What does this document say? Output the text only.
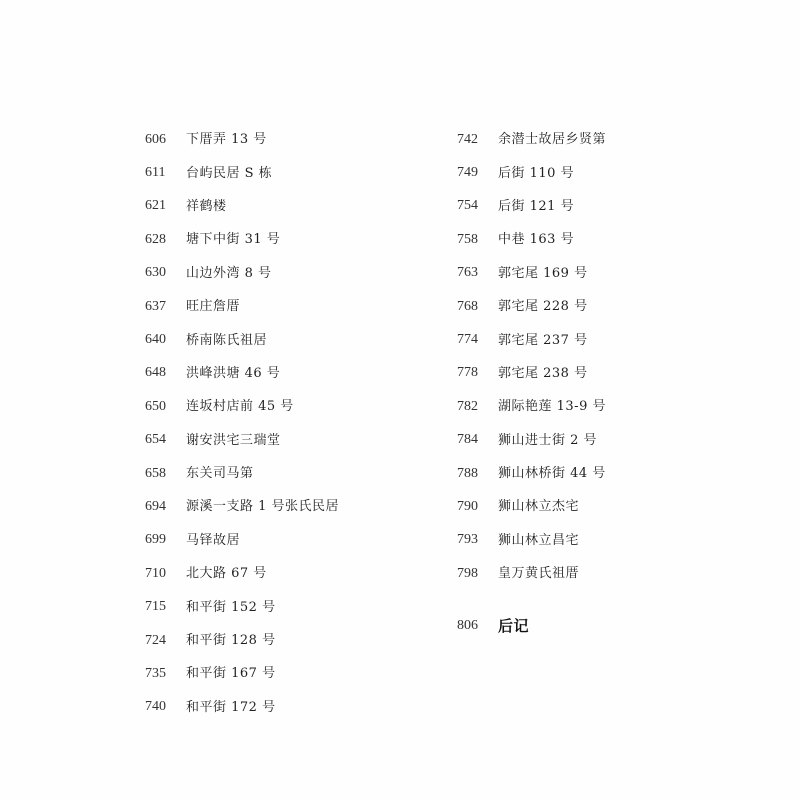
606	下厝弄 13 号
611	台屿民居 S 栋
621	祥鹤楼
628	塘下中街 31 号
630	山边外湾 8 号
637	旺庄詹厝
640	桥南陈氏祖居
648	洪峰洪塘 46 号
650	连坂村店前 45 号
654	谢安洪宅三瑞堂
658	东关司马第
694	源溪一支路 1 号张氏民居
699	马铎故居
710	北大路 67 号
715	和平街 152 号
724	和平街 128 号
735	和平街 167 号
740	和平街 172 号
742	余潜士故居乡贤第
749	后街 110 号
754	后街 121 号
758	中巷 163 号
763	郭宅尾 169 号
768	郭宅尾 228 号
774	郭宅尾 237 号
778	郭宅尾 238 号
782	湖际艳莲 13-9 号
784	狮山进士街 2 号
788	狮山林桥街 44 号
790	狮山林立杰宅
793	狮山林立昌宅
798	皇万黄氏祖厝
806	后记
